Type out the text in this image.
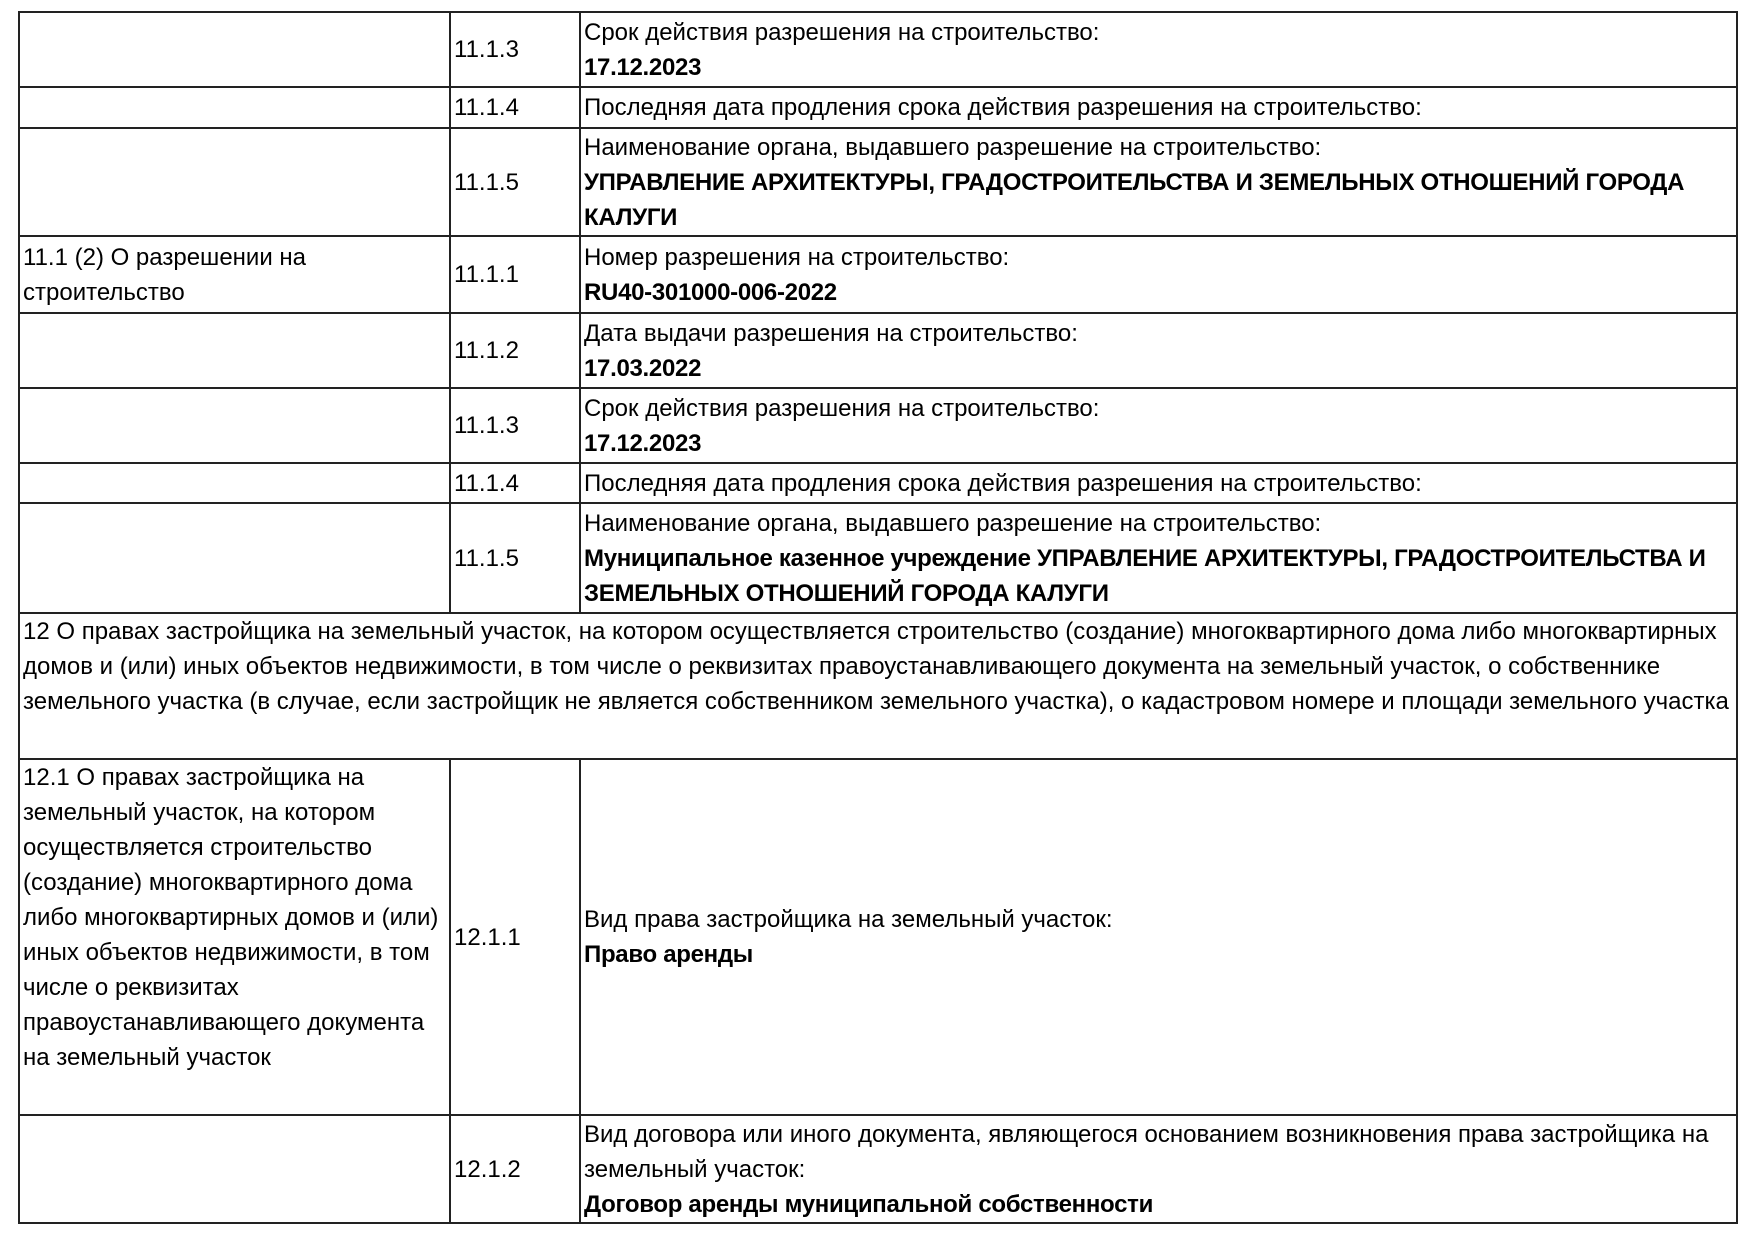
	11.1.3	Срок действия разрешения на строительство:
17.12.2023

	11.1.4	Последняя дата продления срока действия разрешения на строительство:

	11.1.5	Наименование органа, выдавшего разрешение на строительство:
УПРАВЛЕНИЕ АРХИТЕКТУРЫ, ГРАДОСТРОИТЕЛЬСТВА И ЗЕМЕЛЬНЫХ ОТНОШЕНИЙ ГОРОДА КАЛУГИ

11.1 (2) О разрешении на строительство	11.1.1	Номер разрешения на строительство:
RU40-301000-006-2022

	11.1.2	Дата выдачи разрешения на строительство:
17.03.2022

	11.1.3	Срок действия разрешения на строительство:
17.12.2023

	11.1.4	Последняя дата продления срока действия разрешения на строительство:

	11.1.5	Наименование органа, выдавшего разрешение на строительство:
Муниципальное казенное учреждение УПРАВЛЕНИЕ АРХИТЕКТУРЫ, ГРАДОСТРОИТЕЛЬСТВА И ЗЕМЕЛЬНЫХ ОТНОШЕНИЙ ГОРОДА КАЛУГИ

12 О правах застройщика на земельный участок, на котором осуществляется строительство (создание) многоквартирного дома либо многоквартирных домов и (или) иных объектов недвижимости, в том числе о реквизитах правоустанавливающего документа на земельный участок, о собственнике земельного участка (в случае, если застройщик не является собственником земельного участка), о кадастровом номере и площади земельного участка		
12.1 О правах застройщика на земельный участок, на котором осуществляется строительство (создание) многоквартирного дома либо многоквартирных домов и (или) иных объектов недвижимости, в том числе о реквизитах правоустанавливающего документа на земельный участок	12.1.1	Вид права застройщика на земельный участок:
Право аренды

	12.1.2	Вид договора или иного документа, являющегося основанием возникновения права застройщика на земельный участок:
Договор аренды муниципальной собственности
